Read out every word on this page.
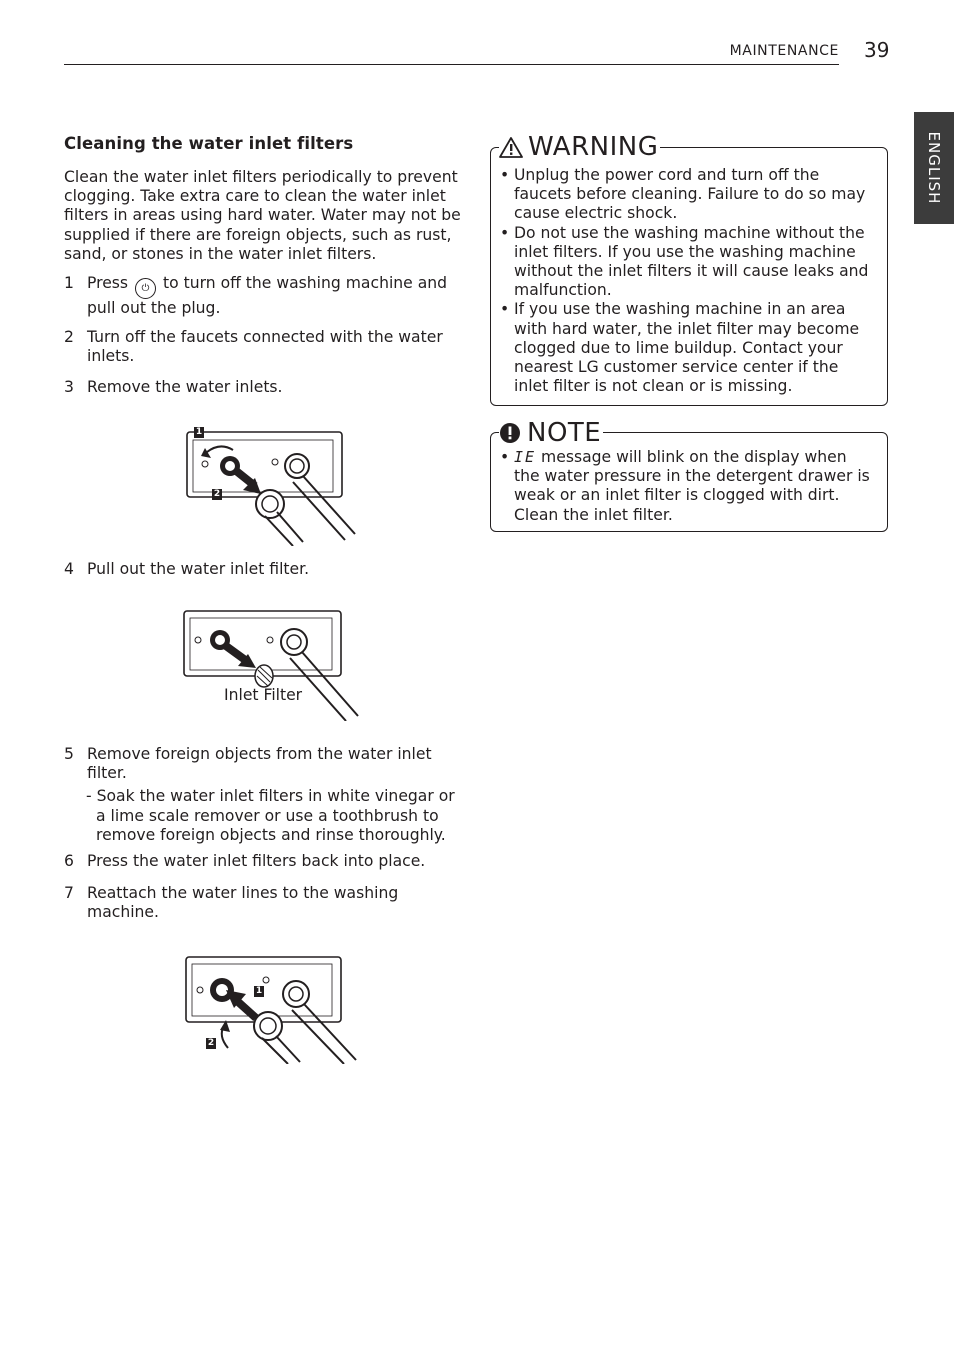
MAINTENANCE 39
ENGLISH
Cleaning the water inlet filters
Clean the water inlet filters periodically to prevent clogging. Take extra care to clean the water inlet filters in areas using hard water. Water may not be supplied if there are foreign objects, such as rust, sand, or stones in the water inlet filters.
1 Press ⏻ to turn off the washing machine and pull out the plug.
2 Turn off the faucets connected with the water inlets.
3 Remove the water inlets.
1
2
4 Pull out the water inlet filter.
Inlet Filter
5 Remove foreign objects from the water inlet filter.
- Soak the water inlet filters in white vinegar or a lime scale remover or use a toothbrush to remove foreign objects and rinse thoroughly.
6 Press the water inlet filters back into place.
7 Reattach the water lines to the washing machine.
1
2
WARNING
• Unplug the power cord and turn off the faucets before cleaning. Failure to do so may cause electric shock.
• Do not use the washing machine without the inlet filters. If you use the washing machine without the inlet filters it will cause leaks and malfunction.
• If you use the washing machine in an area with hard water, the inlet filter may become clogged due to lime buildup. Contact your nearest LG customer service center if the inlet filter is not clean or is missing.
NOTE
• IE message will blink on the display when the water pressure in the detergent drawer is weak or an inlet filter is clogged with dirt. Clean the inlet filter.
